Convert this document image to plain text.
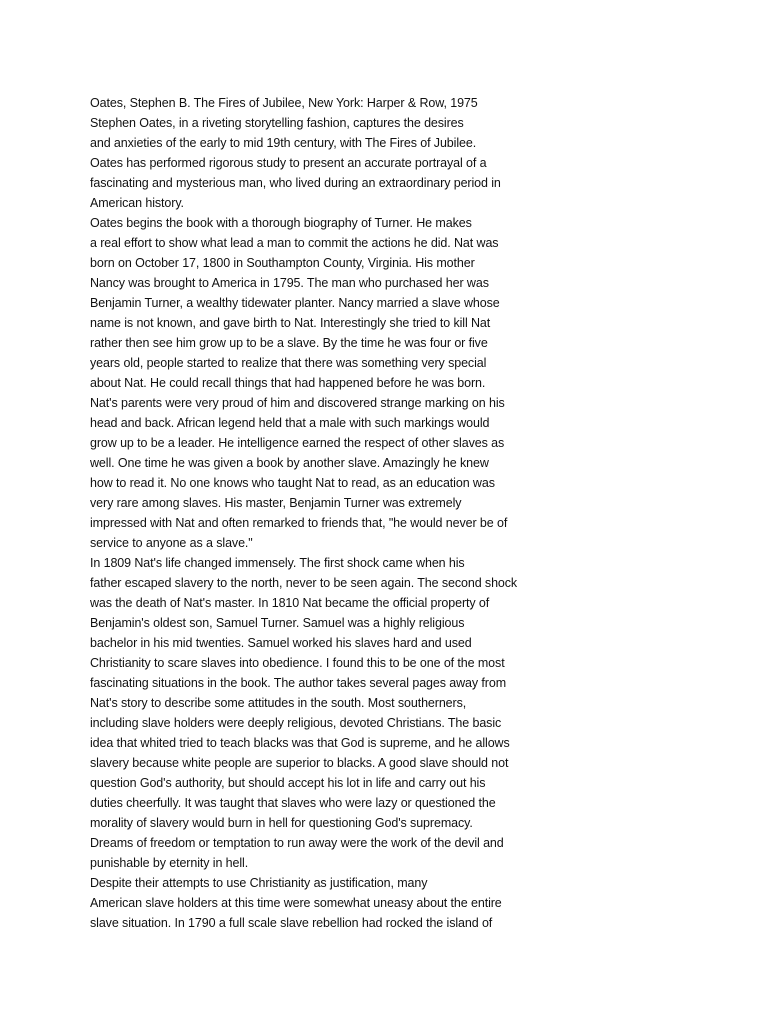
Oates, Stephen B. The Fires of Jubilee, New York: Harper & Row, 1975
Stephen Oates, in a riveting storytelling fashion, captures the desires
and anxieties of the early to mid 19th century, with The Fires of Jubilee.
Oates has performed rigorous study to present an accurate portrayal of a
fascinating and mysterious man, who lived during an extraordinary period in
American history.
Oates begins the book with a thorough biography of Turner. He makes
a real effort to show what lead a man to commit the actions he did. Nat was
born on October 17, 1800 in Southampton County, Virginia. His mother
Nancy was brought to America in 1795. The man who purchased her was
Benjamin Turner, a wealthy tidewater planter. Nancy married a slave whose
name is not known, and gave birth to Nat. Interestingly she tried to kill Nat
rather then see him grow up to be a slave. By the time he was four or five
years old, people started to realize that there was something very special
about Nat. He could recall things that had happened before he was born.
Nat's parents were very proud of him and discovered strange marking on his
head and back. African legend held that a male with such markings would
grow up to be a leader. He intelligence earned the respect of other slaves as
well. One time he was given a book by another slave. Amazingly he knew
how to read it. No one knows who taught Nat to read, as an education was
very rare among slaves. His master, Benjamin Turner was extremely
impressed with Nat and often remarked to friends that, "he would never be of
service to anyone as a slave."
In 1809 Nat's life changed immensely. The first shock came when his
father escaped slavery to the north, never to be seen again. The second shock
was the death of Nat's master. In 1810 Nat became the official property of
Benjamin's oldest son, Samuel Turner. Samuel was a highly religious
bachelor in his mid twenties. Samuel worked his slaves hard and used
Christianity to scare slaves into obedience. I found this to be one of the most
fascinating situations in the book. The author takes several pages away from
Nat's story to describe some attitudes in the south. Most southerners,
including slave holders were deeply religious, devoted Christians. The basic
idea that whited tried to teach blacks was that God is supreme, and he allows
slavery because white people are superior to blacks. A good slave should not
question God's authority, but should accept his lot in life and carry out his
duties cheerfully. It was taught that slaves who were lazy or questioned the
morality of slavery would burn in hell for questioning God's supremacy.
Dreams of freedom or temptation to run away were the work of the devil and
punishable by eternity in hell.
Despite their attempts to use Christianity as justification, many
American slave holders at this time were somewhat uneasy about the entire
slave situation. In 1790 a full scale slave rebellion had rocked the island of
